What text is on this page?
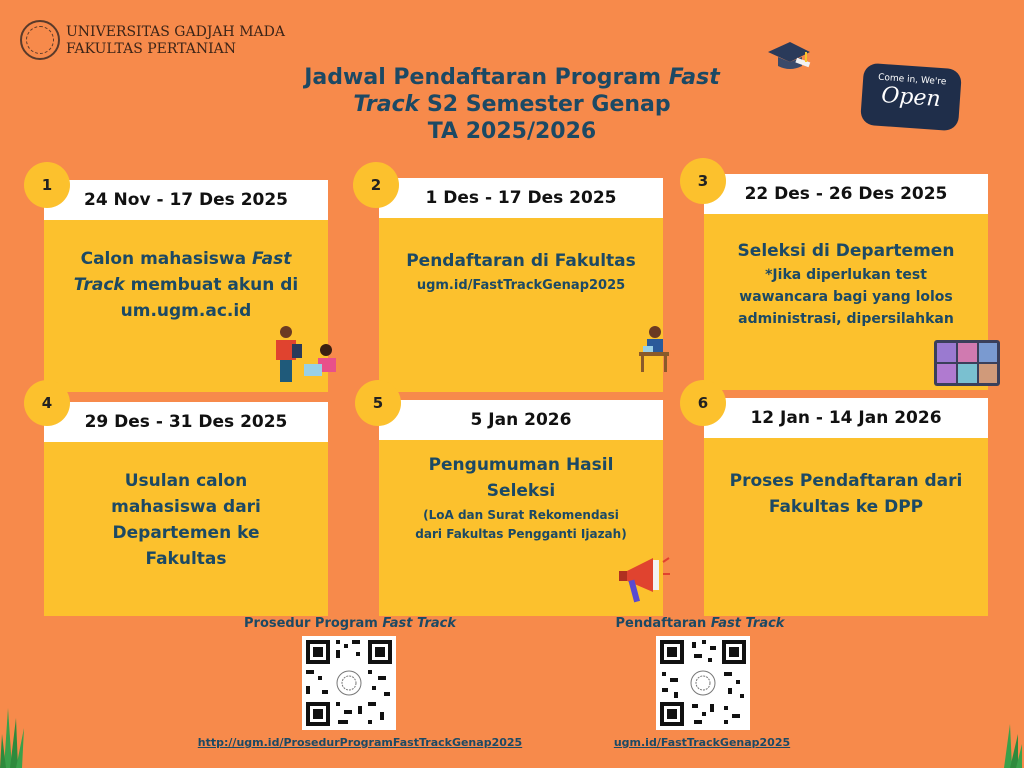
UNIVERSITAS GADJAH MADA
FAKULTAS PERTANIAN
Jadwal Pendaftaran Program Fast
Track S2 Semester Genap
TA 2025/2026
Come in, We're
Open
24 Nov - 17 Des 2025
1
Calon mahasiswa Fast
Track membuat akun di
um.ugm.ac.id
1 Des - 17 Des 2025
2
Pendaftaran di Fakultas
ugm.id/FastTrackGenap2025
22 Des - 26 Des 2025
3
Seleksi di Departemen
*Jika diperlukan test
wawancara bagi yang lolos
administrasi, dipersilahkan
29 Des - 31 Des 2025
4
Usulan calon
mahasiswa dari
Departemen ke
Fakultas
5 Jan 2026
5
Pengumuman Hasil
Seleksi
(LoA dan Surat Rekomendasi
dari Fakultas Pengganti Ijazah)
12 Jan - 14 Jan 2026
6
Proses Pendaftaran dari
Fakultas ke DPP
Prosedur Program Fast Track
http://ugm.id/ProsedurProgramFastTrackGenap2025
Pendaftaran Fast Track
ugm.id/FastTrackGenap2025
